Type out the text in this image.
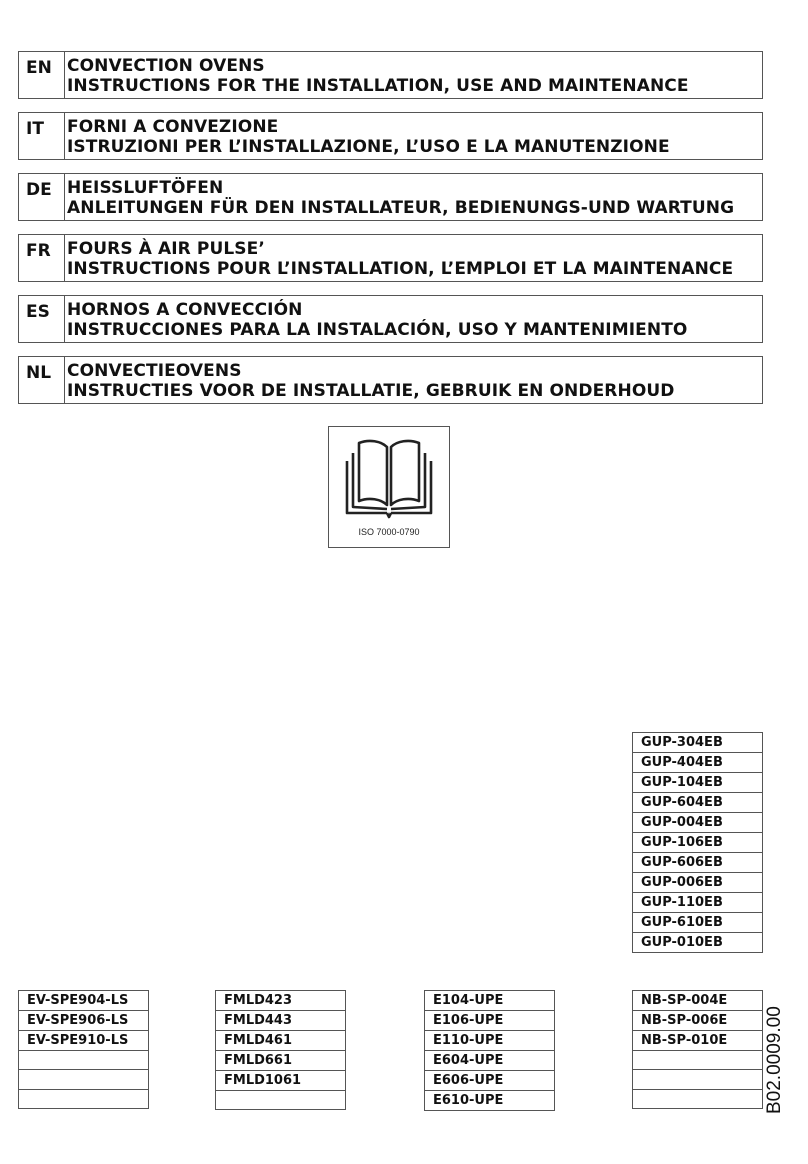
EN CONVECTION OVENS
INSTRUCTIONS FOR THE INSTALLATION, USE AND MAINTENANCE
IT	FORNI A CONVEZIONE
ISTRUZIONI PER L’INSTALLAZIONE, L’USO E LA MANUTENZIONE
DE HEISSLUFTÖFEN
ANLEITUNGEN FÜR DEN INSTALLATEUR, BEDIENUNGS-UND WARTUNG
FR FOURS À AIR PULSE’
INSTRUCTIONS POUR L’INSTALLATION, L’EMPLOI ET LA MAINTENANCE
ES	HORNOS A CONVECCIÓN
INSTRUCCIONES PARA LA INSTALACIÓN, USO Y MANTENIMIENTO
NL CONVECTIEOVENS
INSTRUCTIES VOOR DE INSTALLATIE, GEBRUIK EN ONDERHOUD
ISO 7000-0790
GUP-304EB
GUP-404EB
GUP-104EB
GUP-604EB
GUP-004EB
GUP-106EB
GUP-606EB
GUP-006EB
GUP-110EB
GUP-610EB
GUP-010EB
EV-SPE904-LS
EV-SPE906-LS
EV-SPE910-LS

FMLD423
FMLD443
FMLD461
FMLD661
FMLD1061

E104-UPE
E106-UPE
E110-UPE
E604-UPE
E606-UPE
E610-UPE
NB-SP-004E
NB-SP-006E
NB-SP-010E B02.0009.00
